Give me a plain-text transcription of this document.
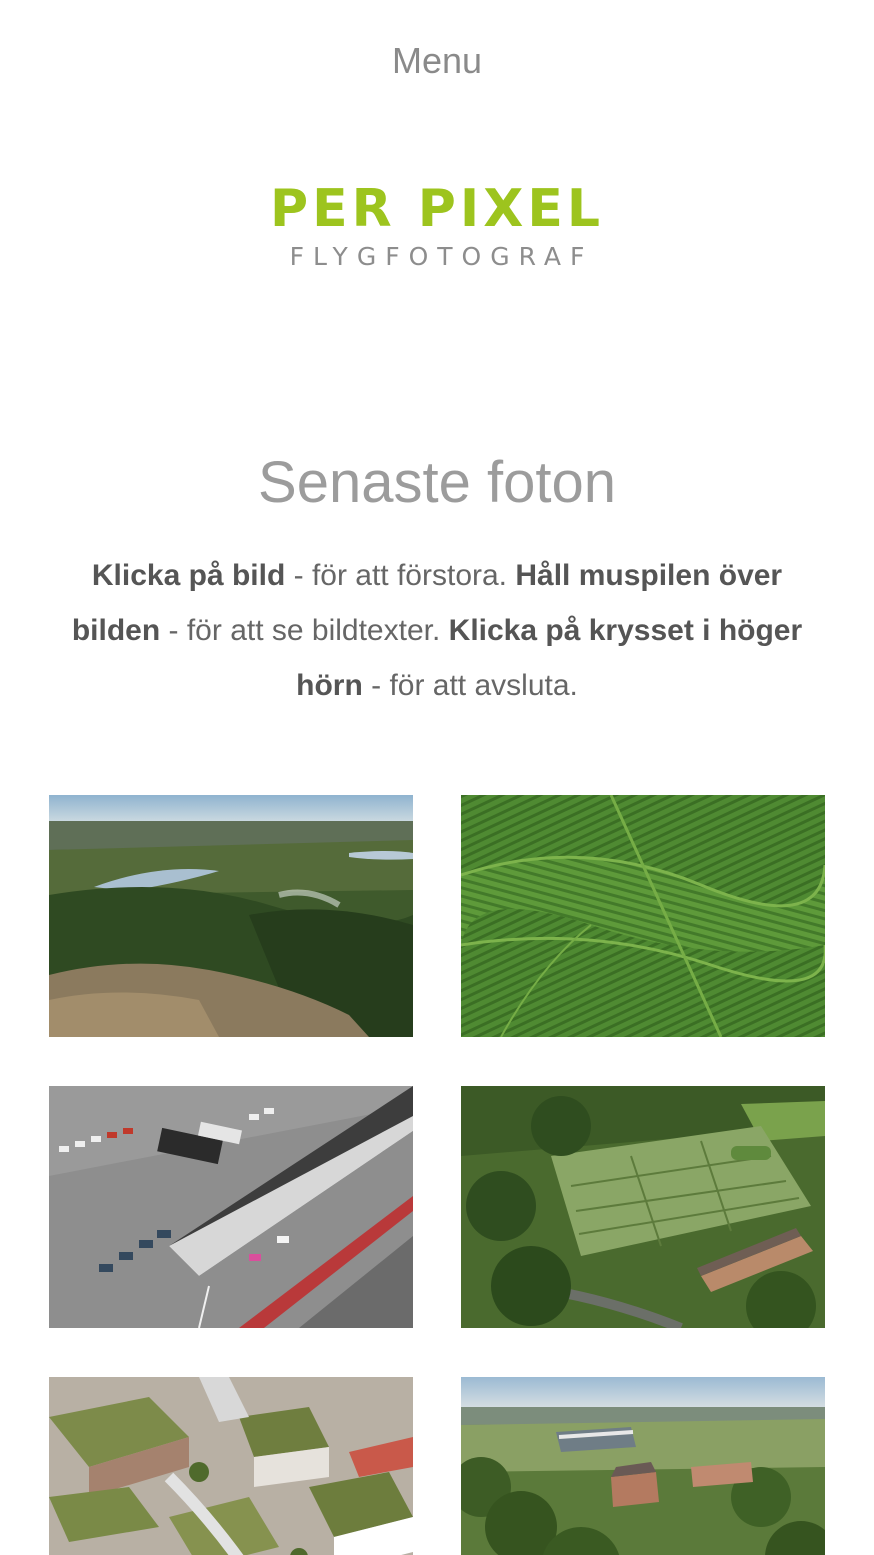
Menu
PER PIXEL
FLYGFOTOGRAF
Senaste foton

Klicka på bild - för att förstora. Håll muspilen över bilden - för att se bildtexter. Klicka på krysset i höger hörn - för att avsluta.
